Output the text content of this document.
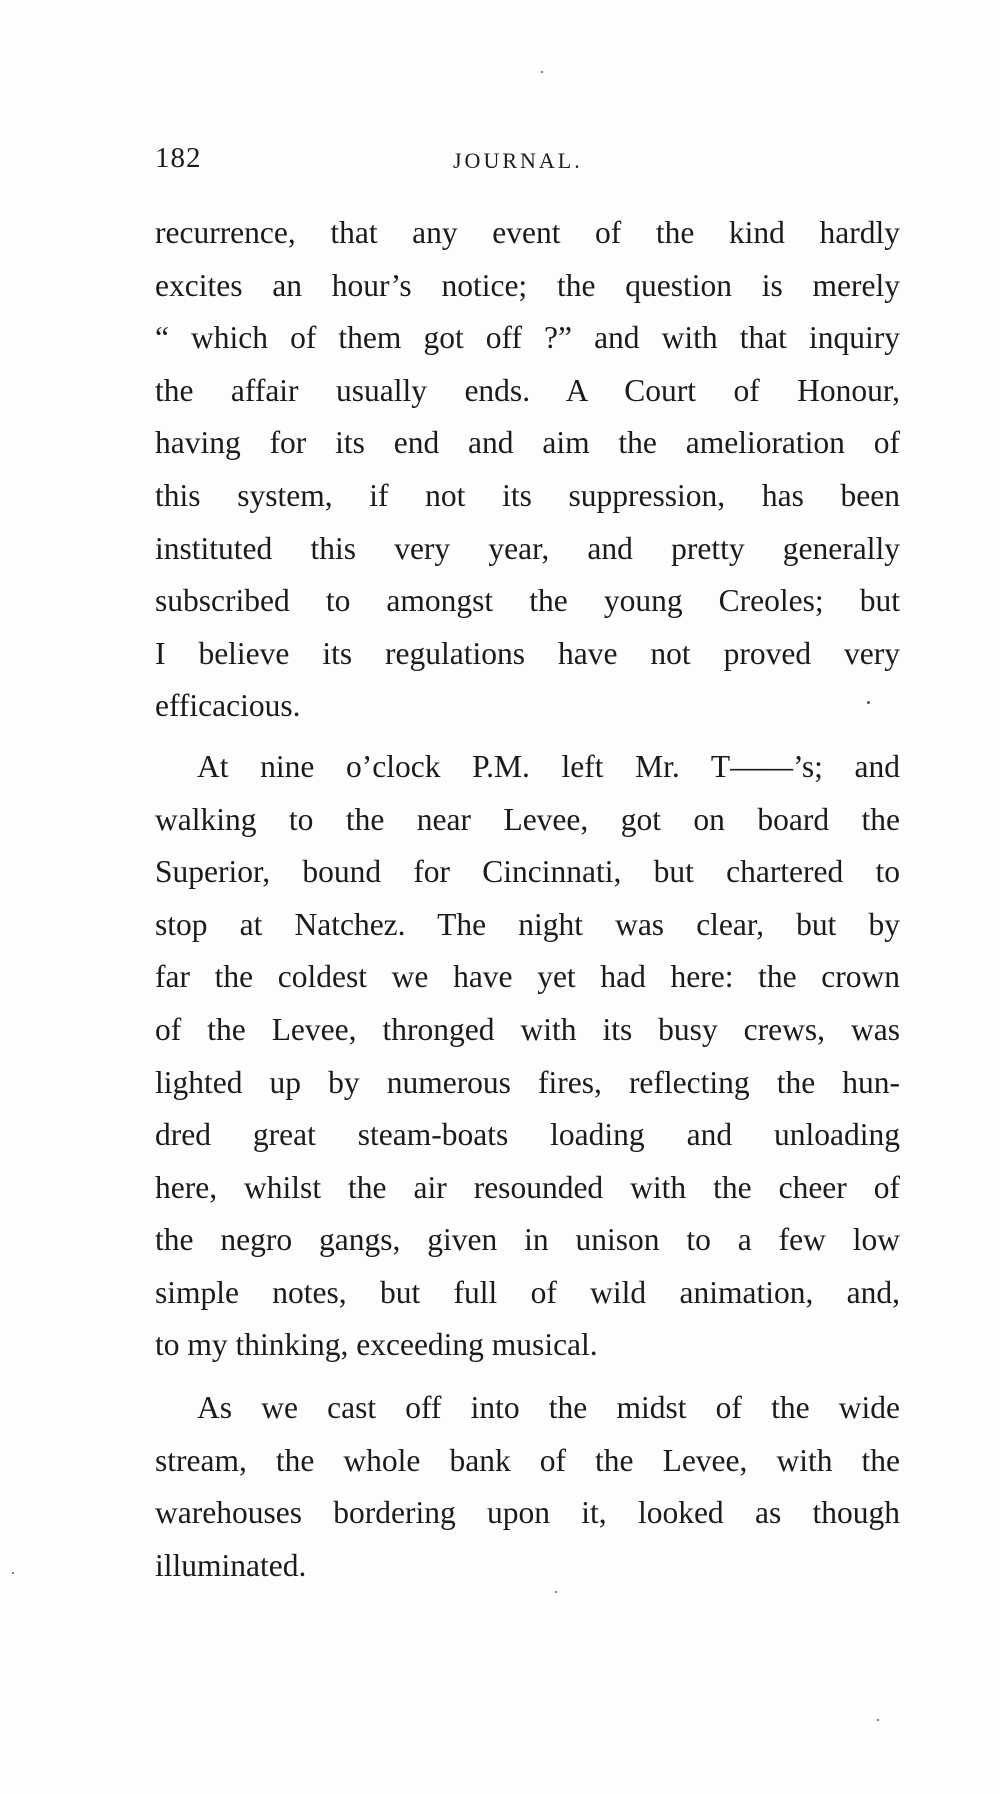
182	JOURNAL.
recurrence, that any event of the kind hardly
excites an hour’s notice; the question is merely
“ which of them got off ?” and with that inquiry
the affair usually ends. A Court of Honour,
having for its end and aim the amelioration of
this system, if not its suppression, has been
instituted this very year, and pretty generally
subscribed to amongst the young Creoles; but
I believe its regulations have not proved very
efficacious.
At nine o’clock P.M. left Mr. T——’s; and
walking to the near Levee, got on board the
Superior, bound for Cincinnati, but chartered to
stop at Natchez. The night was clear, but by
far the coldest we have yet had here: the crown
of the Levee, thronged with its busy crews, was
lighted up by numerous fires, reflecting the hun-
dred great steam-boats loading and unloading
here, whilst the air resounded with the cheer of
the negro gangs, given in unison to a few low
simple notes, but full of wild animation, and,
to my thinking, exceeding musical.
As we cast off into the midst of the wide
stream, the whole bank of the Levee, with the
warehouses bordering upon it, looked as though
illuminated.
